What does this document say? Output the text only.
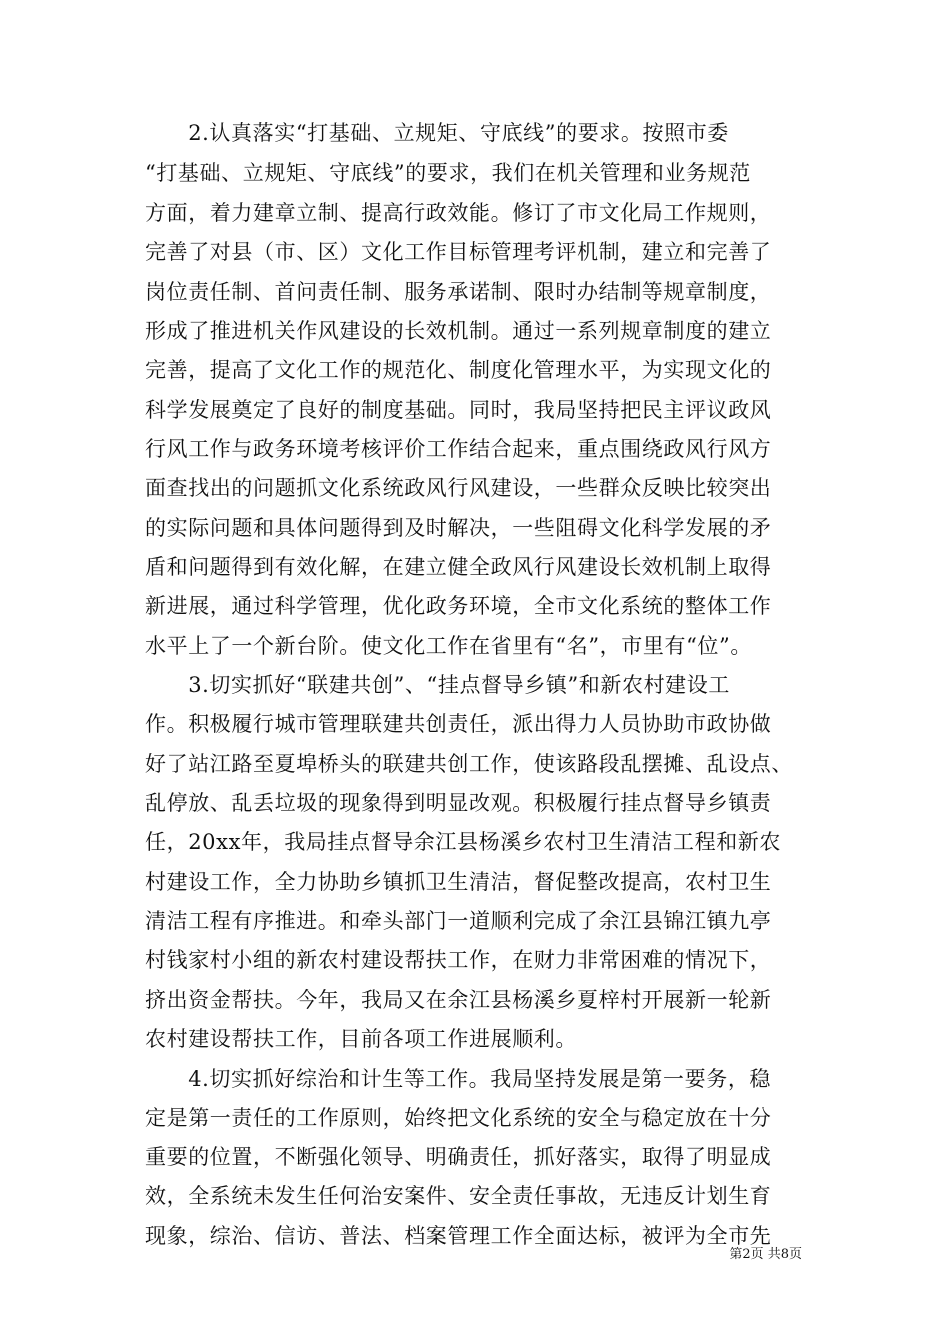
　　2.认真落实“打基础、立规矩、守底线”的要求。按照市委
“打基础、立规矩、守底线”的要求，我们在机关管理和业务规范
方面，着力建章立制、提高行政效能。修订了市文化局工作规则，
完善了对县（市、区）文化工作目标管理考评机制，建立和完善了
岗位责任制、首问责任制、服务承诺制、限时办结制等规章制度，
形成了推进机关作风建设的长效机制。通过一系列规章制度的建立
完善，提高了文化工作的规范化、制度化管理水平，为实现文化的
科学发展奠定了良好的制度基础。同时，我局坚持把民主评议政风
行风工作与政务环境考核评价工作结合起来，重点围绕政风行风方
面查找出的问题抓文化系统政风行风建设，一些群众反映比较突出
的实际问题和具体问题得到及时解决，一些阻碍文化科学发展的矛
盾和问题得到有效化解，在建立健全政风行风建设长效机制上取得
新进展，通过科学管理，优化政务环境，全市文化系统的整体工作
水平上了一个新台阶。使文化工作在省里有“名”，市里有“位”。
　　3.切实抓好“联建共创”、“挂点督导乡镇”和新农村建设工
作。积极履行城市管理联建共创责任，派出得力人员协助市政协做
好了站江路至夏埠桥头的联建共创工作，使该路段乱摆摊、乱设点、
乱停放、乱丢垃圾的现象得到明显改观。积极履行挂点督导乡镇责
任，20xx年，我局挂点督导余江县杨溪乡农村卫生清洁工程和新农
村建设工作，全力协助乡镇抓卫生清洁，督促整改提高，农村卫生
清洁工程有序推进。和牵头部门一道顺利完成了余江县锦江镇九亭
村钱家村小组的新农村建设帮扶工作，在财力非常困难的情况下，
挤出资金帮扶。今年，我局又在余江县杨溪乡夏梓村开展新一轮新
农村建设帮扶工作，目前各项工作进展顺利。
　　4.切实抓好综治和计生等工作。我局坚持发展是第一要务，稳
定是第一责任的工作原则，始终把文化系统的安全与稳定放在十分
重要的位置，不断强化领导、明确责任，抓好落实，取得了明显成
效，全系统未发生任何治安案件、安全责任事故，无违反计划生育
现象，综治、信访、普法、档案管理工作全面达标，被评为全市先
第2页 共8页
